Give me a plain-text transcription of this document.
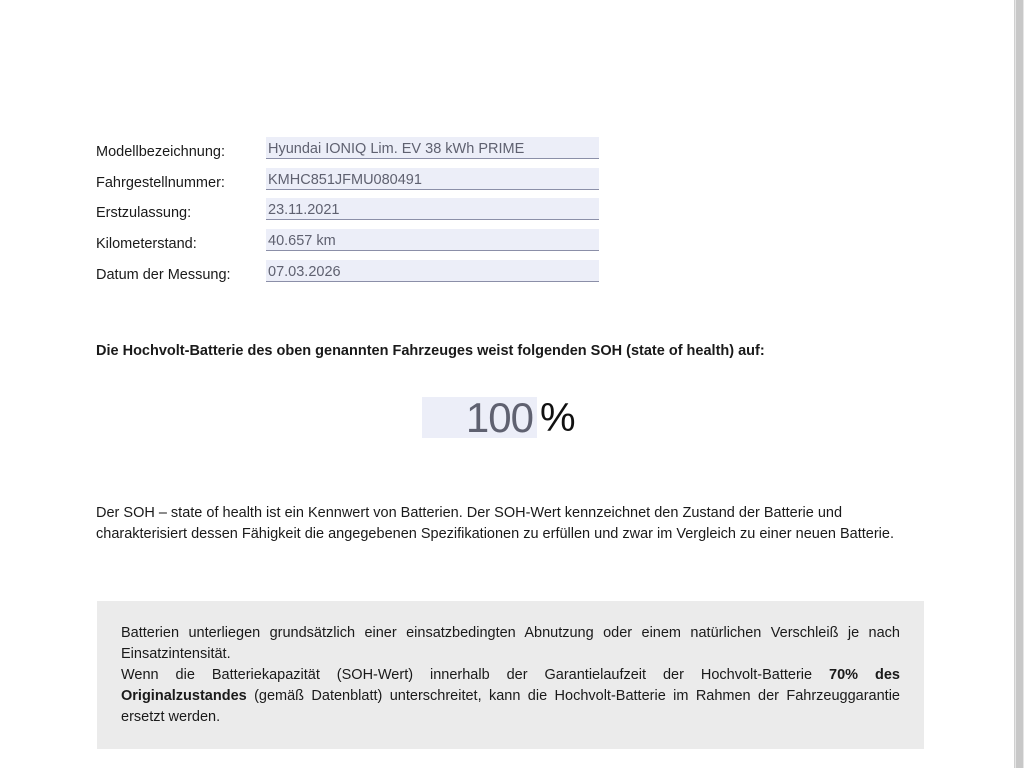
Modellbezeichnung:	Hyundai IONIQ Lim. EV 38 kWh PRIME
Fahrgestellnummer:	KMHC851JFMU080491
Erstzulassung:	23.11.2021
Kilometerstand:	40.657 km
Datum der Messung:	07.03.2026
Die Hochvolt-Batterie des oben genannten Fahrzeuges weist folgenden SOH (state of health) auf:
100 %
Der SOH – state of health ist ein Kennwert von Batterien. Der SOH-Wert kennzeichnet den Zustand der Batterie und charakterisiert dessen Fähigkeit die angegebenen Spezifikationen zu erfüllen und zwar im Vergleich zu einer neuen Batterie.

Batterien unterliegen grundsätzlich einer einsatzbedingten Abnutzung oder einem natürlichen Verschleiß je nach Einsatzintensität.

Wenn die Batteriekapazität (SOH-Wert) innerhalb der Garantielaufzeit der Hochvolt-Batterie 70% des Originalzustandes (gemäß Datenblatt) unterschreitet, kann die Hochvolt-Batterie im Rahmen der Fahrzeuggarantie ersetzt werden.
